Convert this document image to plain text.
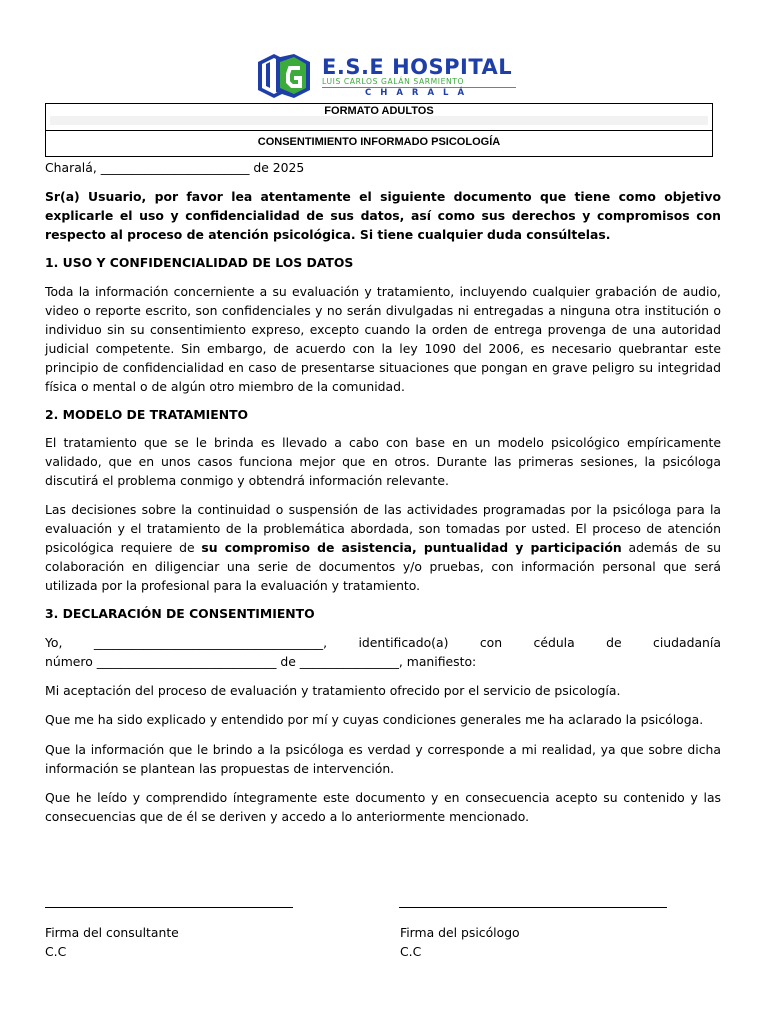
E.S.E HOSPITAL
LUIS CARLOS GALÁN SARMIENTO
CHARALÁ
FORMATO ADULTOS
CONSENTIMIENTO INFORMADO PSICOLOGÍA
Charalá, ________________________ de 2025
Sr(a) Usuario, por favor lea atentamente el siguiente documento que tiene como objetivo explicarle el uso y confidencialidad de sus datos, así como sus derechos y compromisos con respecto al proceso de atención psicológica. Si tiene cualquier duda consúltelas.
1. USO Y CONFIDENCIALIDAD DE LOS DATOS
Toda la información concerniente a su evaluación y tratamiento, incluyendo cualquier grabación de audio, video o reporte escrito, son confidenciales y no serán divulgadas ni entregadas a ninguna otra institución o individuo sin su consentimiento expreso, excepto cuando la orden de entrega provenga de una autoridad judicial competente. Sin embargo, de acuerdo con la ley 1090 del 2006, es necesario quebrantar este principio de confidencialidad en caso de presentarse situaciones que pongan en grave peligro su integridad física o mental o de algún otro miembro de la comunidad.
2. MODELO DE TRATAMIENTO
El tratamiento que se le brinda es llevado a cabo con base en un modelo psicológico empíricamente validado, que en unos casos funciona mejor que en otros. Durante las primeras sesiones, la psicóloga discutirá el problema conmigo y obtendrá información relevante.
Las decisiones sobre la continuidad o suspensión de las actividades programadas por la psicóloga para la evaluación y el tratamiento de la problemática abordada, son tomadas por usted. El proceso de atención psicológica requiere de su compromiso de asistencia, puntualidad y participación además de su colaboración en diligenciar una serie de documentos y/o pruebas, con información personal que será utilizada por la profesional para la evaluación y tratamiento.
3. DECLARACIÓN DE CONSENTIMIENTO
Yo,	_____________________________________,	identificado(a)	con	cédula	de	ciudadanía
número _____________________________ de ________________, manifiesto:
Mi aceptación del proceso de evaluación y tratamiento ofrecido por el servicio de psicología.
Que me ha sido explicado y entendido por mí y cuyas condiciones generales me ha aclarado la psicóloga.
Que la información que le brindo a la psicóloga es verdad y corresponde a mi realidad, ya que sobre dicha información se plantean las propuestas de intervención.
Que he leído y comprendido íntegramente este documento y en consecuencia acepto su contenido y las consecuencias que de él se deriven y accedo a lo anteriormente mencionado.
Firma del consultante
C.C
Firma del psicólogo
C.C
